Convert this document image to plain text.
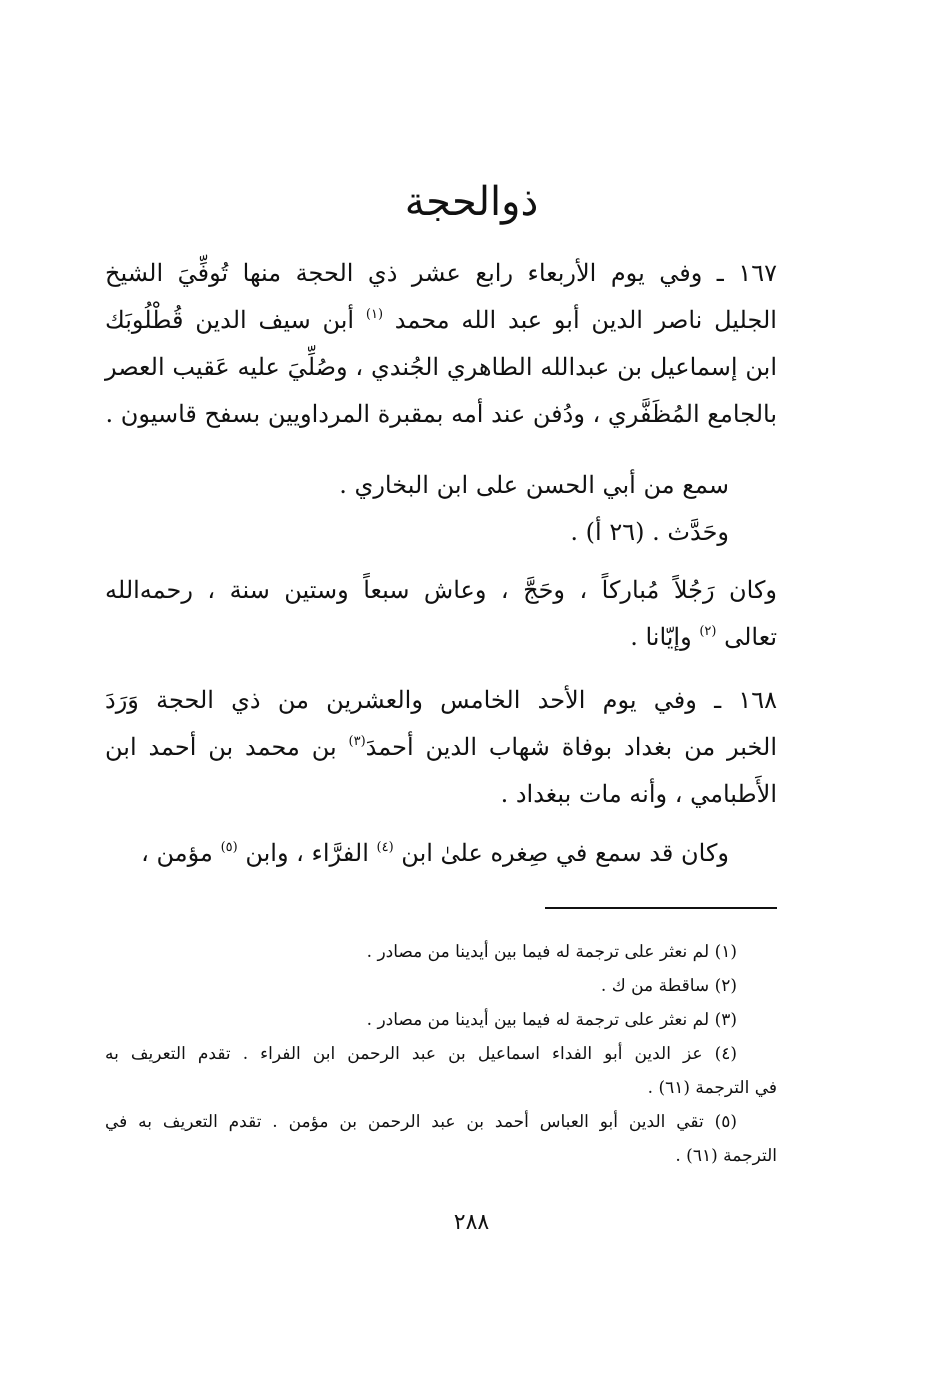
ذوالحجة
١٦٧ ـ وفي يوم الأربعاء رابع عشر ذي الحجة منها تُوفِّيَ الشيخ
الجليل ناصر الدين أبو عبد الله محمد $^{(١)}$ أبن سيف الدين قُطْلُوبَك
ابن إسماعيل بن عبدالله الطاهري الجُندي ، وصُلِّيَ عليه عَقيب العصر
بالجامع المُظَفَّري ، ودُفن عند أمه بمقبرة المرداويين بسفح قاسيون .
سمع من أبي الحسن على ابن البخاري .
وحَدَّث . (٢٦ أ) .
وكان رَجُلاً مُباركاً ، وحَجَّ ، وعاش سبعاً وستين سنة ، رحمه‌الله
تعالى $^{(٢)}$ وإيّانا .
١٦٨ ـ وفي يوم الأحد الخامس والعشرين من ذي الحجة وَرَدَ
الخبر من بغداد بوفاة شهاب الدين أحمدَ$^{(٣)}$ بن محمد بن أحمد ابن
الأَطبامي ، وأنه مات ببغداد .
وكان قد سمع في صِغره علىٰ ابن $^{(٤)}$ الفرَّاء ، وابن $^{(٥)}$ مؤمن ،
(١) لم نعثر على ترجمة له فيما بين أيدينا من مصادر .
(٢) ساقطة من ك .
(٣) لم نعثر على ترجمة له فيما بين أيدينا من مصادر .
(٤) عز الدين أبو الفداء اسماعيل بن عبد الرحمن ابن الفراء . تقدم التعريف به
في الترجمة (٦١) .
(٥) تقي الدين أبو العباس أحمد بن عبد الرحمن بن مؤمن . تقدم التعريف به في
الترجمة (٦١) .
٢٨٨
